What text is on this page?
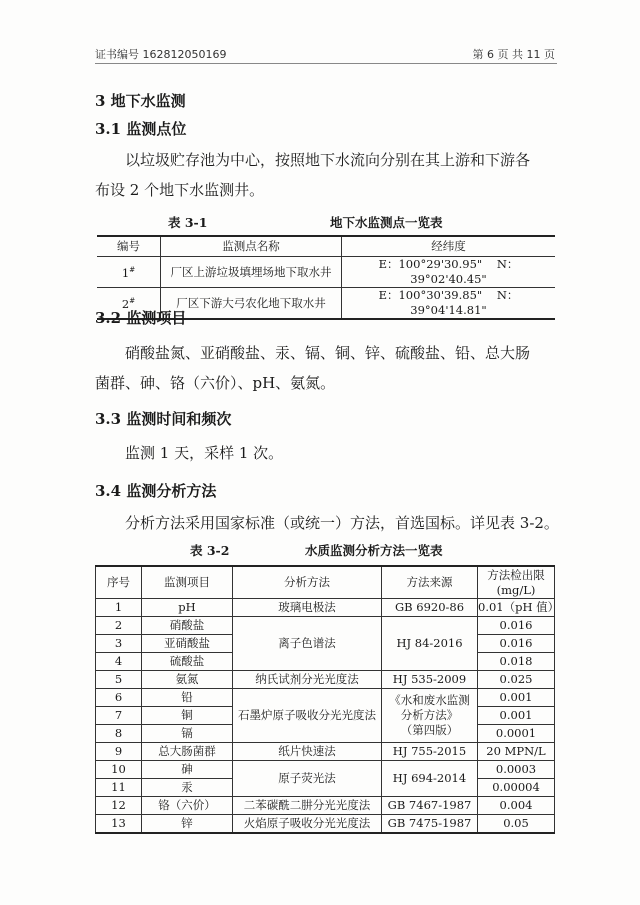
证书编号 162812050169	第 6 页 共 11 页
3 地下水监测
3.1 监测点位
以垃圾贮存池为中心，按照地下水流向分别在其上游和下游各布设 2 个地下水监测井。
表 3-1	地下水监测点一览表
编号	监测点名称	经纬度
1#	厂区上游垃圾填埋场地下取水井	E：100°29'30.95" N：39°02'40.45"
2#	厂区下游大弓农化地下取水井	E：100°30'39.85" N：39°04'14.81"
3.2 监测项目
硝酸盐氮、亚硝酸盐、汞、镉、铜、锌、硫酸盐、铅、总大肠菌群、砷、铬（六价）、pH、氨氮。
3.3 监测时间和频次
监测 1 天，采样 1 次。
3.4 监测分析方法
分析方法采用国家标准（或统一）方法，首选国标。详见表 3-2。
表 3-2	水质监测分析方法一览表
序号	监测项目	分析方法	方法来源	方法检出限
(mg/L)

1	pH	玻璃电极法	GB 6920-86	0.01（pH 值）
2	硝酸盐	离子色谱法	HJ 84-2016	0.016
3	亚硝酸盐			0.016
4	硫酸盐			0.018
5	氨氮	纳氏试剂分光光度法	HJ 535-2009	0.025
6	铅	石墨炉原子吸收分光光度法	《水和废水监测
分析方法》
（第四版）	0.001
7	铜			0.001
8	镉			0.0001
9	总大肠菌群	纸片快速法	HJ 755-2015	20 MPN/L
10	砷	原子荧光法	HJ 694-2014	0.0003
11	汞			0.00004
12	铬（六价）	二苯碳酰二肼分光光度法	GB 7467-1987	0.004
13	锌	火焰原子吸收分光光度法	GB 7475-1987	0.05
